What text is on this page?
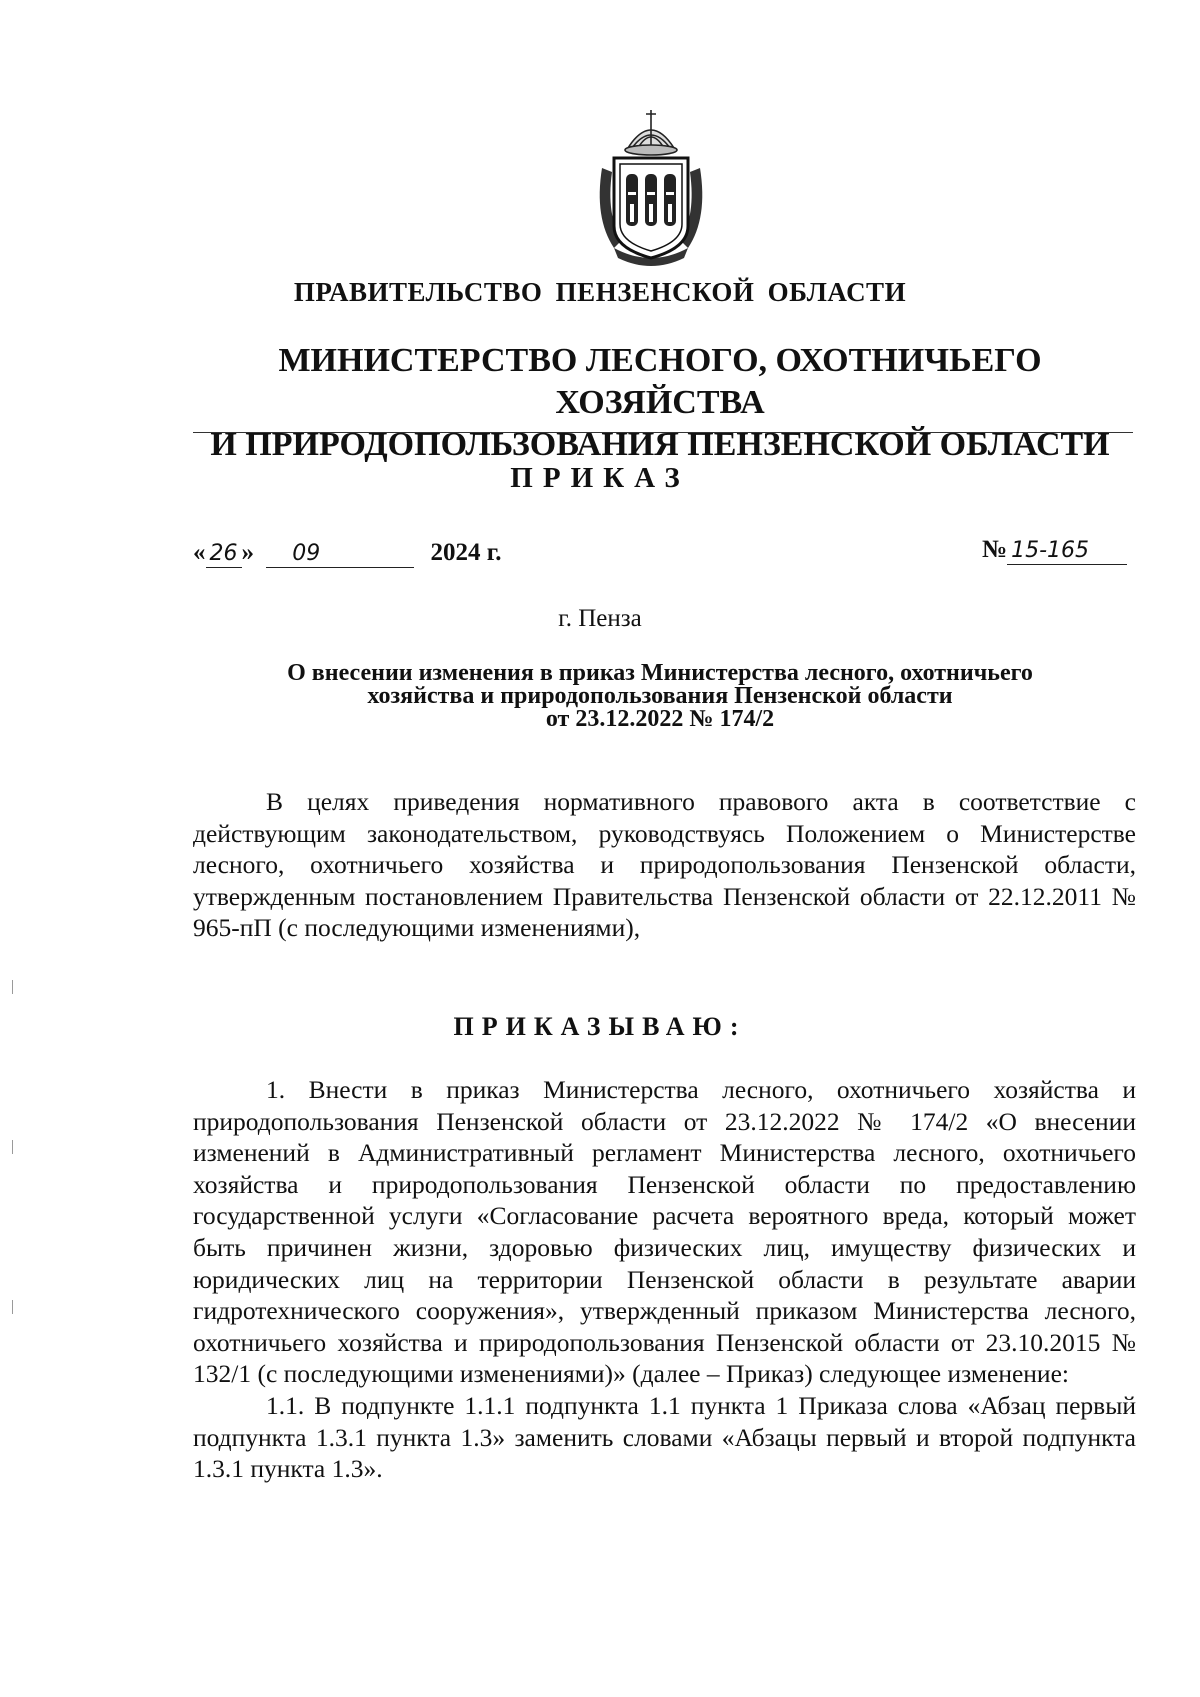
ПРАВИТЕЛЬСТВО ПЕНЗЕНСКОЙ ОБЛАСТИ
МИНИСТЕРСТВО ЛЕСНОГО, ОХОТНИЧЬЕГО ХОЗЯЙСТВА
И ПРИРОДОПОЛЬЗОВАНИЯ ПЕНЗЕНСКОЙ ОБЛАСТИ
ПРИКАЗ
« 26 » 09	2024 г.	№ 15-165
г. Пенза
О внесении изменения в приказ Министерства лесного, охотничьего
хозяйства и природопользования Пензенской области
от 23.12.2022 № 174/2

В целях приведения нормативного правового акта в соответствие с действующим законодательством, руководствуясь Положением о Министерстве лесного, охотничьего хозяйства и природопользования Пензенской области, утвержденным постановлением Правительства Пензенской области от 22.12.2011 № 965-пП (с последующими изменениями),

ПРИКАЗЫВАЮ:

1. Внести в приказ Министерства лесного, охотничьего хозяйства и природопользования Пензенской области от 23.12.2022 № 174/2 «О внесении изменений в Административный регламент Министерства лесного, охотничьего хозяйства и природопользования Пензенской области по предоставлению государственной услуги «Согласование расчета вероятного вреда, который может быть причинен жизни, здоровью физических лиц, имуществу физических и юридических лиц на территории Пензенской области в результате аварии гидротехнического сооружения», утвержденный приказом Министерства лесного, охотничьего хозяйства и природопользования Пензенской области от 23.10.2015 № 132/1 (с последующими изменениями)» (далее – Приказ) следующее изменение:

1.1. В подпункте 1.1.1 подпункта 1.1 пункта 1 Приказа слова «Абзац первый подпункта 1.3.1 пункта 1.3» заменить словами «Абзацы первый и второй подпункта 1.3.1 пункта 1.3».
